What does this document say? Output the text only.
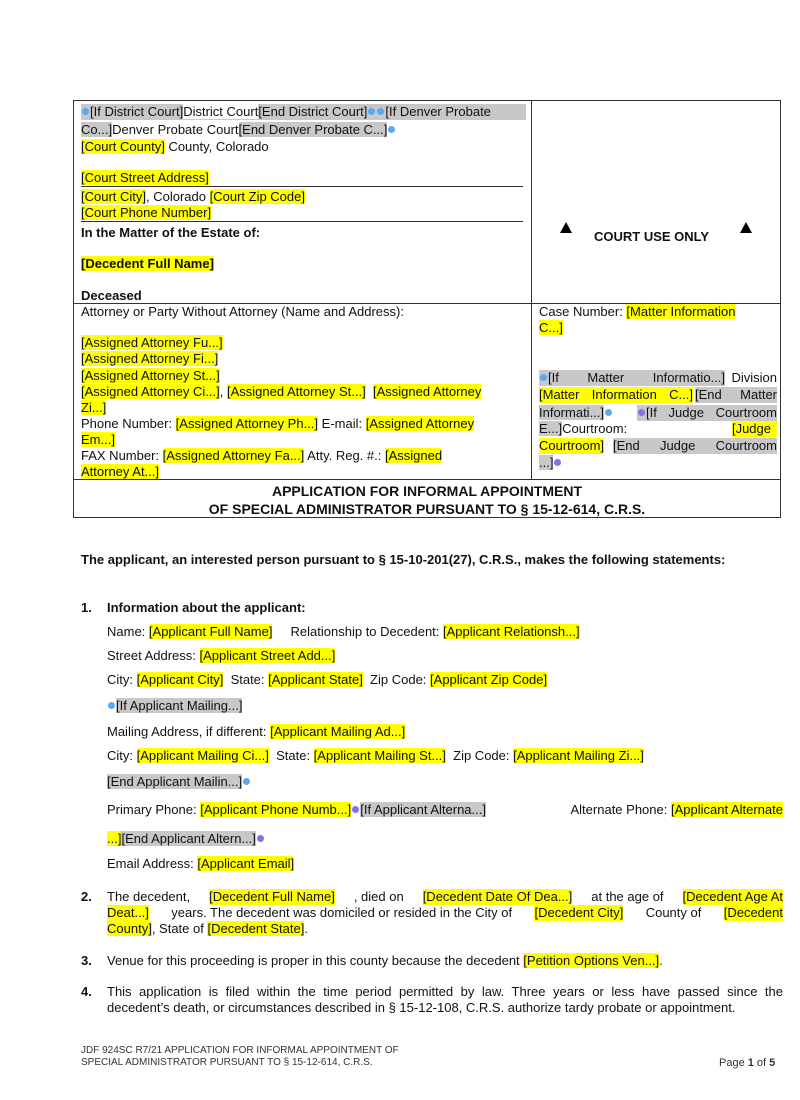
[If District Court]District Court[End District Court] [If Denver Probate
Co...]Denver Probate Court[End Denver Probate C...]
[Court County] County, Colorado
[Court Street Address]
[Court City], Colorado [Court Zip Code]
[Court Phone Number]
In the Matter of the Estate of:
[Decedent Full Name]
Deceased
COURT USE ONLY
Attorney or Party Without Attorney (Name and Address):
[Assigned Attorney Fu...]
[Assigned Attorney Fi...]
[Assigned Attorney St...]
[Assigned Attorney Ci...], [Assigned Attorney St...] [Assigned Attorney
Zi...]
Phone Number: [Assigned Attorney Ph...] E-mail: [Assigned Attorney
Em...]
FAX Number: [Assigned Attorney Fa...] Atty. Reg. #.: [Assigned
Attorney At...]
Case Number: [Matter Information
C...]
[If Matter Informatio...] Division
[Matter Information C...] [End Matter
Informati...]	[If Judge Courtroom
E...]Courtroom:	[Judge
Courtroom] [End Judge Courtroom
...]
APPLICATION FOR INFORMAL APPOINTMENT
OF SPECIAL ADMINISTRATOR PURSUANT TO § 15-12-614, C.R.S.
The applicant, an interested person pursuant to § 15-10-201(27), C.R.S., makes the following statements:
1. Information about the applicant:
Name: [Applicant Full Name] Relationship to Decedent: [Applicant Relationsh...]
Street Address: [Applicant Street Add...]
City: [Applicant City] State: [Applicant State] Zip Code: [Applicant Zip Code]
[If Applicant Mailing...]
Mailing Address, if different: [Applicant Mailing Ad...]
City: [Applicant Mailing Ci...] State: [Applicant Mailing St...] Zip Code: [Applicant Mailing Zi...]
[End Applicant Mailin...]
Primary Phone: [Applicant Phone Numb...] [If Applicant Alterna...]	Alternate Phone: [Applicant Alternate
...][End Applicant Altern...]
Email Address: [Applicant Email]
2. The decedent, [Decedent Full Name] , died on [Decedent Date Of Dea...] at the age of [Decedent Age At
Deat...] years. The decedent was domiciled or resided in the City of [Decedent City] County of [Decedent
County], State of [Decedent State].
3. Venue for this proceeding is proper in this county because the decedent [Petition Options Ven...].
4. This application is filed within the time period permitted by law. Three years or less have passed since the
decedent’s death, or circumstances described in § 15-12-108, C.R.S. authorize tardy probate or appointment.
JDF 924SC R7/21 APPLICATION FOR INFORMAL APPOINTMENT OF
SPECIAL ADMINISTRATOR PURSUANT TO § 15-12-614, C.R.S.	Page 1 of 5
